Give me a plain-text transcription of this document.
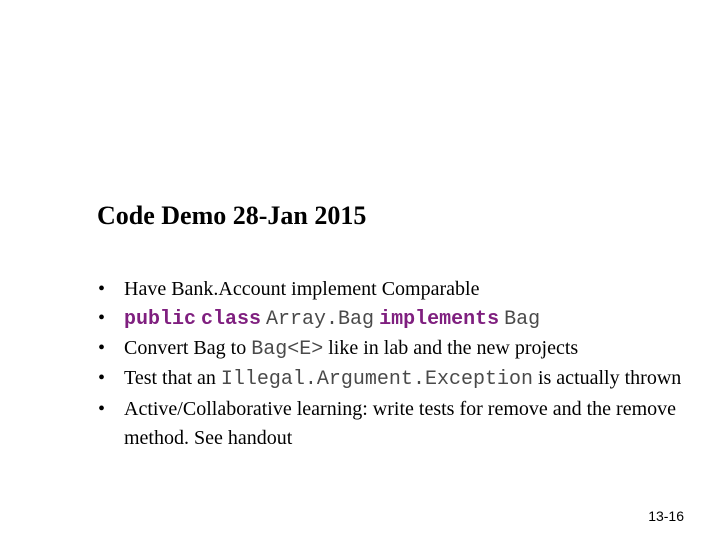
Code Demo 28-Jan 2015
• Have Bank.Account implement Comparable
• public class Array.Bag implements Bag
• Convert Bag to Bag<E> like in lab and the new projects
• Test that an Illegal.Argument.Exception is actually thrown
• Active/Collaborative learning: write tests for remove and the remove method. See handout
13-16
